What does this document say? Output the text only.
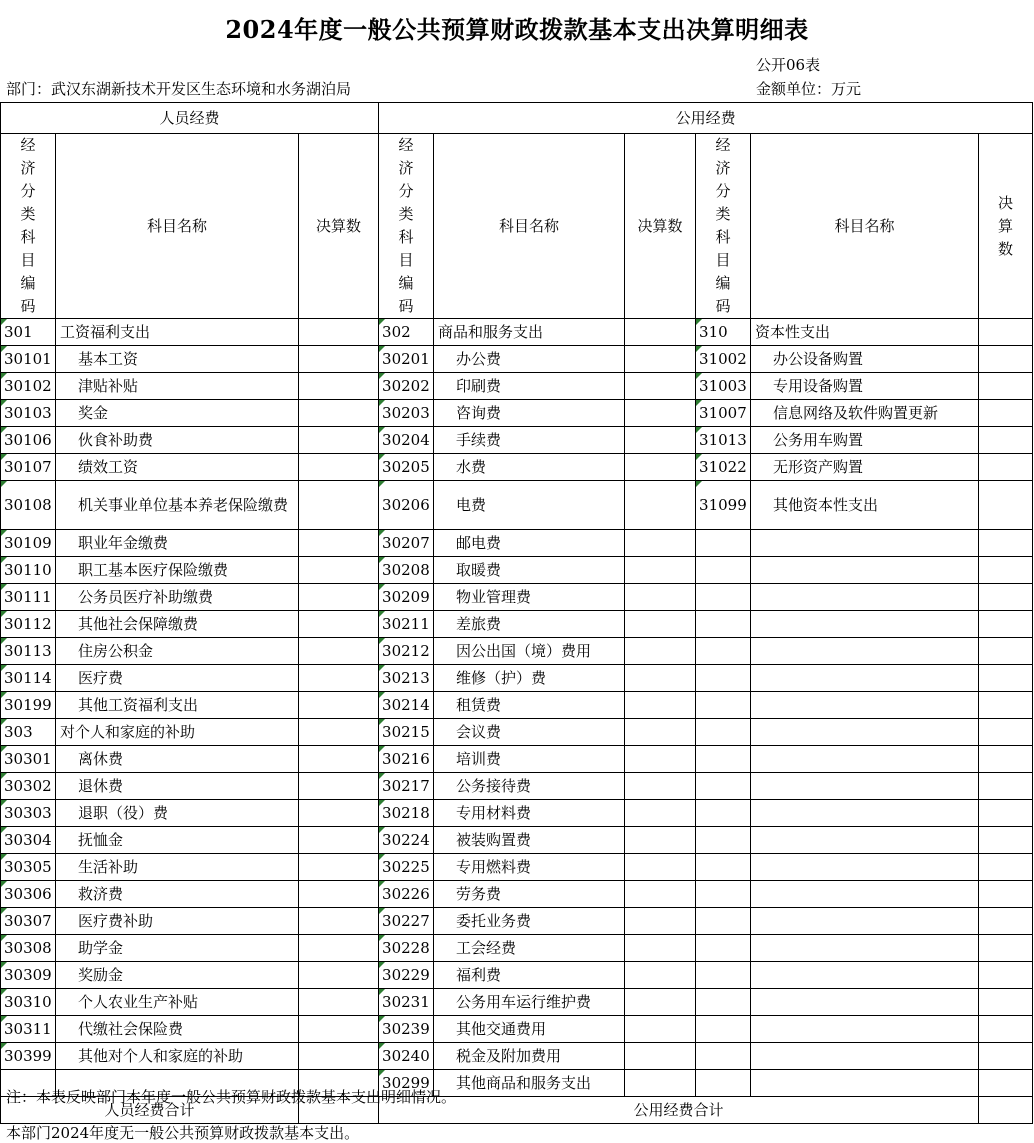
2024年度一般公共预算财政拨款基本支出决算明细表
公开06表
部门：武汉东湖新技术开发区生态环境和水务湖泊局	金额单位：万元
人员经费			公用经费					
经济分类科目编码	科目名称	决算数	经济分类科目编码	科目名称	决算数	经济分类科目编码	科目名称	决算数
301	工资福利支出		302	商品和服务支出		310	资本性支出	
30101	基本工资		30201	办公费		31002	办公设备购置	
30102	津贴补贴		30202	印刷费		31003	专用设备购置	
30103	奖金		30203	咨询费		31007	信息网络及软件购置更新	
30106	伙食补助费		30204	手续费		31013	公务用车购置	
30107	绩效工资		30205	水费		31022	无形资产购置	
30108	机关事业单位基本养老保险缴费		30206	电费		31099	其他资本性支出	
30109	职业年金缴费		30207	邮电费				
30110	职工基本医疗保险缴费		30208	取暖费				
30111	公务员医疗补助缴费		30209	物业管理费				
30112	其他社会保障缴费		30211	差旅费				
30113	住房公积金		30212	因公出国（境）费用				
30114	医疗费		30213	维修（护）费				
30199	其他工资福利支出		30214	租赁费				
303	对个人和家庭的补助		30215	会议费				
30301	离休费		30216	培训费				
30302	退休费		30217	公务接待费				
30303	退职（役）费		30218	专用材料费				
30304	抚恤金		30224	被装购置费				
30305	生活补助		30225	专用燃料费				
30306	救济费		30226	劳务费				
30307	医疗费补助		30227	委托业务费				
30308	助学金		30228	工会经费				
30309	奖励金		30229	福利费				
30310	个人农业生产补贴		30231	公务用车运行维护费				
30311	代缴社会保险费		30239	其他交通费用				
30399	其他对个人和家庭的补助		30240	税金及附加费用				
			30299	其他商品和服务支出				
人员经费合计			公用经费合计					
注：本表反映部门本年度一般公共预算财政拨款基本支出明细情况。
本部门2024年度无一般公共预算财政拨款基本支出。
